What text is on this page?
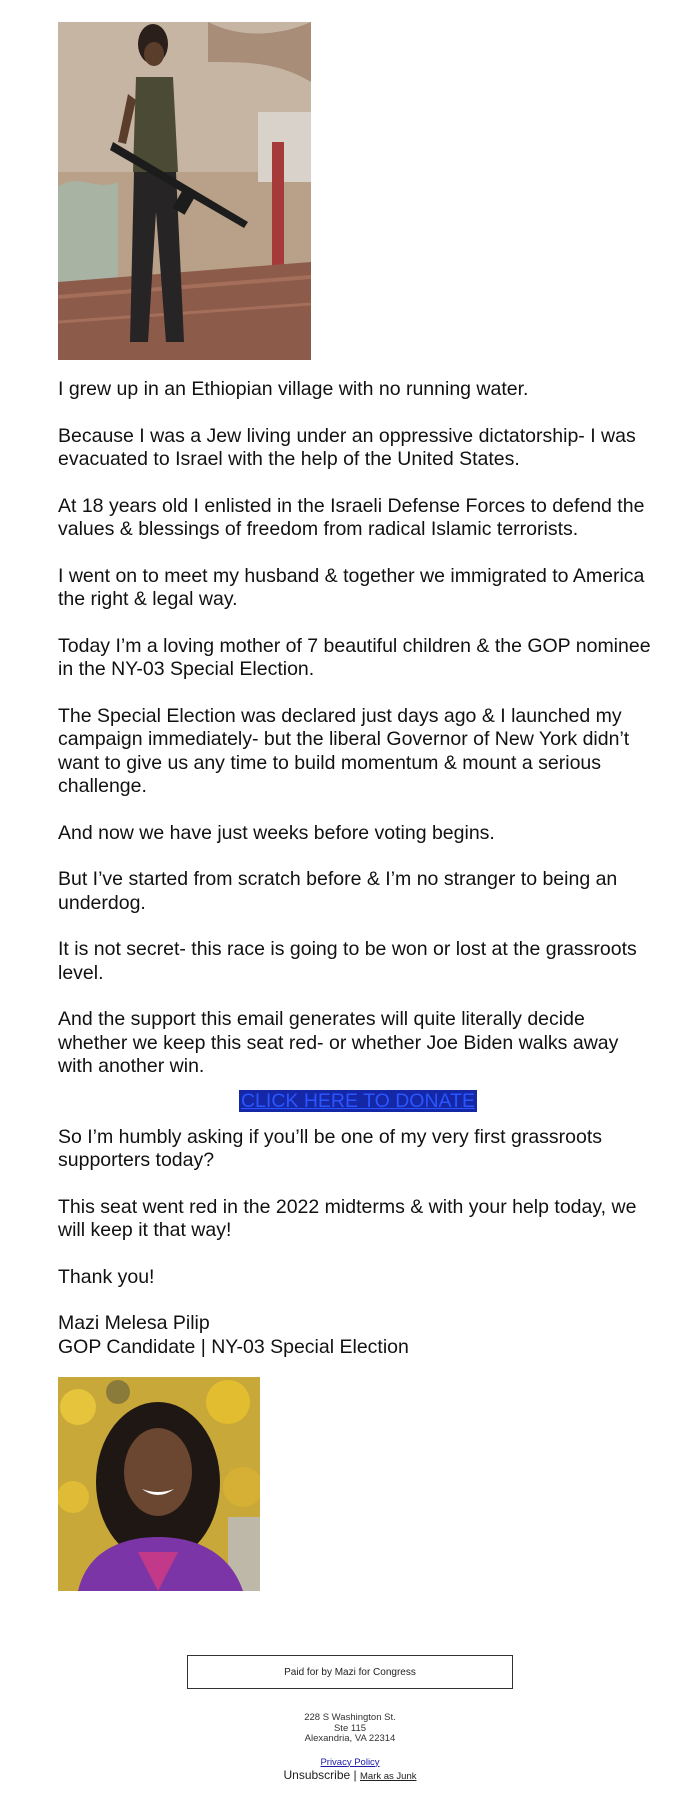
I grew up in an Ethiopian village with no running water.

Because I was a Jew living under an oppressive dictatorship- I was evacuated to Israel with the help of the United States.

At 18 years old I enlisted in the Israeli Defense Forces to defend the values & blessings of freedom from radical Islamic terrorists.

I went on to meet my husband & together we immigrated to America the right & legal way.

Today I’m a loving mother of 7 beautiful children & the GOP nominee in the NY-03 Special Election.

The Special Election was declared just days ago & I launched my campaign immediately- but the liberal Governor of New York didn’t want to give us any time to build momentum & mount a serious challenge.

And now we have just weeks before voting begins.

But I’ve started from scratch before & I’m no stranger to being an underdog.

It is not secret- this race is going to be won or lost at the grassroots level.

And the support this email generates will quite literally decide whether we keep this seat red- or whether Joe Biden walks away with another win.

CLICK HERE TO DONATE

So I’m humbly asking if you’ll be one of my very first grassroots supporters today?

This seat went red in the 2022 midterms & with your help today, we will keep it that way!

Thank you!

Mazi Melesa Pilip

GOP Candidate | NY-03 Special Election

Paid for by Mazi for Congress
228 S Washington St.
Ste 115
Alexandria, VA 22314
Privacy Policy
Unsubscribe | Mark as Junk
